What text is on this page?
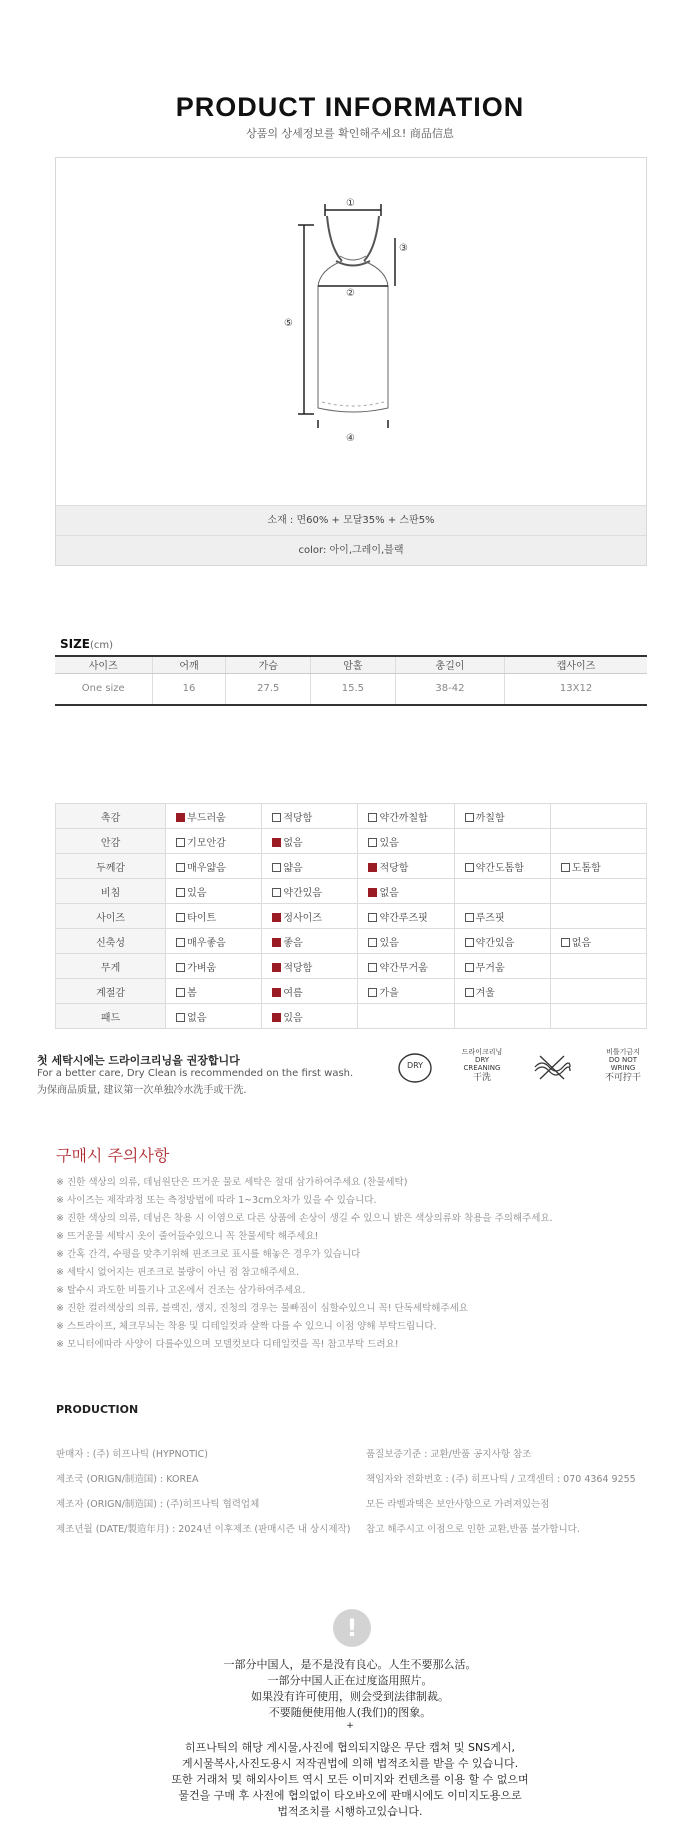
PRODUCT INFORMATION
상품의 상세정보를 확인해주세요! 商品信息
①
②
③
④
⑤
소재 : 면60% + 모달35% + 스판5%
color: 아이,그레이,블랙
SIZE(cm)
사이즈	어깨	가슴	암홀	총길이	캡사이즈
One size	16	27.5	15.5	38-42	13X12
촉감	부드러움	적당함	약간까칠함	까칠함	
안감	기모안감	없음	있음		
두께감	매우얇음	얇음	적당함	약간도톰함	도톰함
비침	있음	약간있음	없음		
사이즈	타이트	정사이즈	약간루즈핏	루즈핏	
신축성	매우좋음	좋음	있음	약간있음	없음
무게	가벼움	적당함	약간무거움	무거움	
계절감	봄	여름	가을	겨울	
패드	없음	있음			
첫 세탁시에는 드라이크리닝을 권장합니다
For a better care, Dry Clean is recommended on the first wash.
为保商品质量, 建议第一次单独冷水洗手或干洗.
DRY
드라이크리닝
DRY
CREANING
干洗
비틀기금지
DO NOT
WRING
不可拧干
구매시 주의사항
※ 진한 색상의 의류, 데님원단은 뜨거운 물로 세탁은 절대 삼가하여주세요 (찬물세탁)
※ 사이즈는 제작과정 또는 측정방법에 따라 1~3cm오차가 있을 수 있습니다.
※ 진한 색상의 의류, 데님은 착용 시 이염으로 다른 상품에 손상이 생길 수 있으니 밝은 색상의류와 착용을 주의해주세요.
※ 뜨거운물 세탁시 옷이 줄어들수있으니 꼭 찬물세탁 해주세요!
※ 간혹 간격, 수평을 맞추기위해 핀조크로 표시를 해놓은 경우가 있습니다
※ 세탁시 없어지는 핀조크로 불량이 아닌 점 참고해주세요.
※ 탈수시 과도한 비틀기나 고온에서 건조는 삼가하여주세요.
※ 진한 컬러색상의 의류, 블랙진, 생지, 진청의 경우는 물빠짐이 심할수있으니 꼭! 단독세탁해주세요
※ 스트라이프, 체크무늬는 착용 및 디테일컷과 살짝 다를 수 있으니 이점 양해 부탁드립니다.
※ 모니터에따라 사양이 다를수있으며 모델컷보다 디테일컷을 꼭! 참고부탁 드려요!
PRODUCTION
판매자 : (주) 히프나틱 (HYPNOTIC)
제조국 (ORIGN/制造国) : KOREA
제조자 (ORIGN/制造国) : (주)히프나틱 협력업체
제조년월 (DATE/製造年月) : 2024년 이후제조 (판매시즌 내 상시제작)
품질보증기준 : 교환/반품 공지사항 참조
책임자와 전화번호 : (주) 히프나틱 / 고객센터 : 070 4364 9255
모든 라벨과택은 보안사항으로 가려져있는점
참고 해주시고 이점으로 인한 교환,반품 불가합니다.
!
一部分中国人，是不是没有良心。人生不要那么活。
一部分中国人正在过度盗用照片。
如果没有许可使用，则会受到法律制裁。
不要随便使用他人(我们)的图象。
+
히프나틱의 해당 게시물,사진에 협의되지않은 무단 캡쳐 및 SNS게시,
게시물복사,사진도용시 저작권법에 의해 법적조치를 받을 수 있습니다.
또한 거래처 및 해외사이트 역시 모든 이미지와 컨텐츠를 이용 할 수 없으며
물건을 구매 후 사전에 협의없이 타오바오에 판매시에도 이미지도용으로
법적조치를 시행하고있습니다.
